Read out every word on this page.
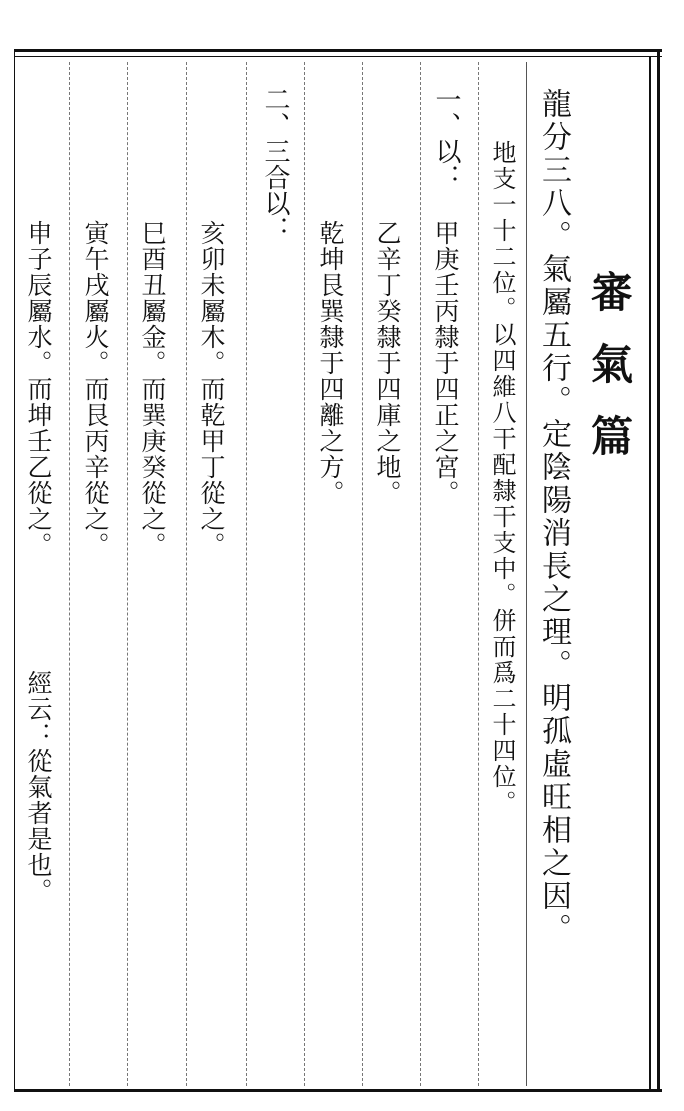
審氣篇
龍分三八。氣屬五行。定陰陽消長之理。明孤虛旺相之因。
地支一十二位。以四維八干配隸干支中。併而爲二十四位。
一、以：
甲庚壬丙隸于四正之宮。
乙辛丁癸隸于四庫之地。
乾坤艮巽隸于四離之方。
二、三合以：
亥卯未屬木。而乾甲丁從之。
巳酉丑屬金。而巽庚癸從之。
寅午戌屬火。而艮丙辛從之。
申子辰屬水。而坤壬乙從之。
經云：從氣者是也。
